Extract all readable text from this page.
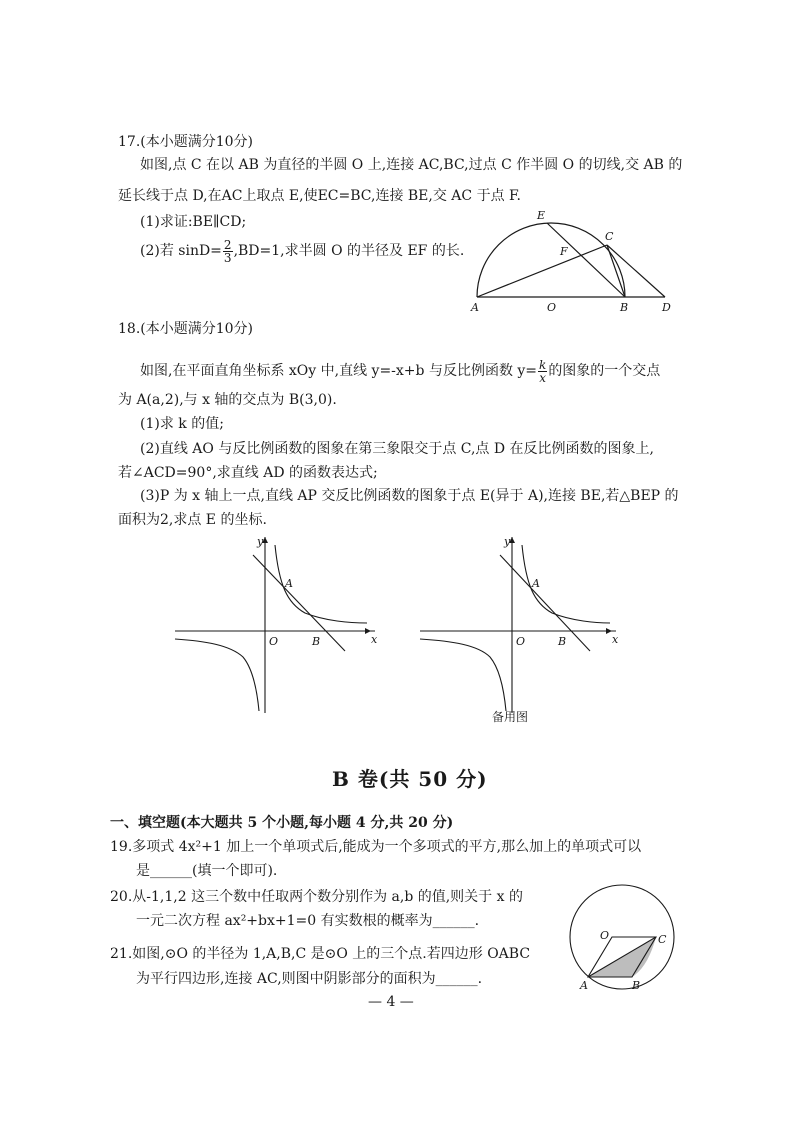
17.(本小题满分10分)
如图,点 C 在以 AB 为直径的半圆 O 上,连接 AC,BC,过点 C 作半圆 O 的切线,交 AB 的
延长线于点 D,在AC上取点 E,使EC=BC,连接 BE,交 AC 于点 F.
(1)求证:BE∥CD;
(2)若 $\sin D= \frac{2}{3} ,BD=1$,求半圆 O 的半径及 EF 的长.
A	O	B	D
C
E
F
18.(本小题满分10分)
如图,在平面直角坐标系 xOy 中,直线 y=-x+b 与反比例函数 $y= \frac{k}{x}$ 的图象的一个交点
为 A(a,2),与 x 轴的交点为 B(3,0).
(1)求 k 的值;
(2)直线 AO 与反比例函数的图象在第三象限交于点 C,点 D 在反比例函数的图象上,
若∠ACD=90°,求直线 AD 的函数表达式;
(3)P 为 x 轴上一点,直线 AP 交反比例函数的图象于点 E(异于 A),连接 BE,若△BEP 的
面积为2,求点 E 的坐标.
y
x
O
A
B
y
x
O
A
B
备用图
B 卷(共 50 分)
一、填空题(本大题共 5 个小题,每小题 4 分,共 20 分)
19.多项式 4x²+1 加上一个单项式后,能成为一个多项式的平方,那么加上的单项式可以
是______(填一个即可).
20.从-1,1,2 这三个数中任取两个数分别作为 a,b 的值,则关于 x 的
一元二次方程 ax²+bx+1=0 有实数根的概率为______.
21.如图,⊙O 的半径为 1,A,B,C 是⊙O 上的三个点.若四边形 OABC
为平行四边形,连接 AC,则图中阴影部分的面积为______.
O	C
A	B
— 4 —
